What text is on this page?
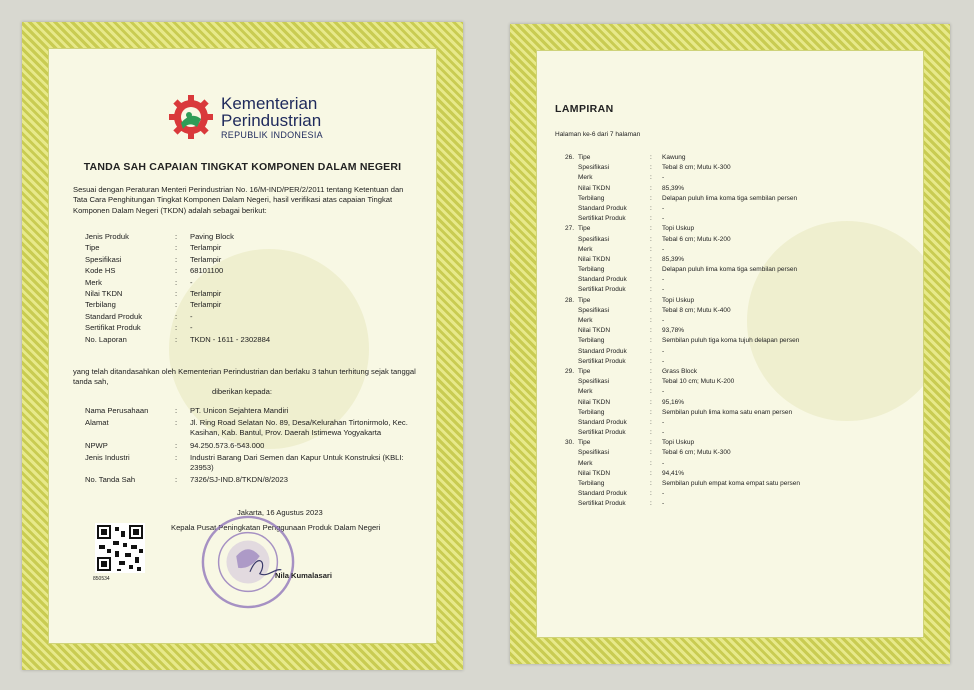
Kementerian
Perindustrian
REPUBLIK INDONESIA
TANDA SAH CAPAIAN TINGKAT KOMPONEN DALAM NEGERI
Sesuai dengan Peraturan Menteri Perindustrian No. 16/M-IND/PER/2/2011 tentang Ketentuan dan Tata Cara Penghitungan Tingkat Komponen Dalam Negeri, hasil verifikasi atas capaian Tingkat Komponen Dalam Negeri (TKDN) adalah sebagai berikut:
Jenis Produk	:	Paving Block
Tipe	:	Terlampir
Spesifikasi	:	Terlampir
Kode HS	:	68101100
Merk	:	-
Nilai TKDN	:	Terlampir
Terbilang	:	Terlampir
Standard Produk	:	-
Sertifikat Produk	:	-
No. Laporan	:	TKDN - 1611 - 2302884
yang telah ditandasahkan oleh Kementerian Perindustrian dan berlaku 3 tahun terhitung sejak tanggal tanda sah,
diberikan kepada:
Nama Perusahaan	:	PT. Unicon Sejahtera Mandiri
Alamat	:	Jl. Ring Road Selatan No. 89, Desa/Kelurahan Tirtonirmolo, Kec. Kasihan, Kab. Bantul, Prov. Daerah Istimewa Yogyakarta
NPWP	:	94.250.573.6-543.000
Jenis Industri	:	Industri Barang Dari Semen dan Kapur Untuk Konstruksi (KBLI: 23953)
No. Tanda Sah	:	7326/SJ-IND.8/TKDN/8/2023
Jakarta, 16 Agustus 2023
Kepala Pusat Peningkatan Penggunaan Produk Dalam Negeri
850534	Nila Kumalasari
LAMPIRAN
Halaman ke-6 dari 7 halaman
26. Tipe	:	Kawung
Spesifikasi	:	Tebal 8 cm; Mutu K-300
Merk	:	-
Nilai TKDN	:	85,39%
Terbilang	:	Delapan puluh lima koma tiga sembilan persen
Standard Produk	:	-
Sertifikat Produk	:	-
27. Tipe	:	Topi Uskup
Spesifikasi	:	Tebal 6 cm; Mutu K-200
Merk	:	-
Nilai TKDN	:	85,39%
Terbilang	:	Delapan puluh lima koma tiga sembilan persen
Standard Produk	:	-
Sertifikat Produk	:	-
28. Tipe	:	Topi Uskup
Spesifikasi	:	Tebal 8 cm; Mutu K-400
Merk	:	-
Nilai TKDN	:	93,78%
Terbilang	:	Sembilan puluh tiga koma tujuh delapan persen
Standard Produk	:	-
Sertifikat Produk	:	-
29. Tipe	:	Grass Block
Spesifikasi	:	Tebal 10 cm; Mutu K-200
Merk	:	-
Nilai TKDN	:	95,16%
Terbilang	:	Sembilan puluh lima koma satu enam persen
Standard Produk	:	-
Sertifikat Produk	:	-
30. Tipe	:	Topi Uskup
Spesifikasi	:	Tebal 6 cm; Mutu K-300
Merk	:	-
Nilai TKDN	:	94,41%
Terbilang	:	Sembilan puluh empat koma empat satu persen
Standard Produk	:	-
Sertifikat Produk	:	-
